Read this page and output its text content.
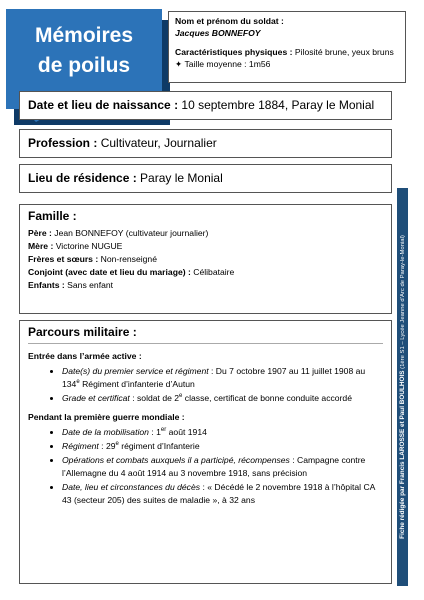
Mémoires
de poilus
Nom et prénom du soldat :
Jacques BONNEFOY
Caractéristiques physiques : Pilosité brune, yeux bruns
✦ Taille moyenne : 1m56
Date et lieu de naissance : 10 septembre 1884, Paray le Monial
Profession : Cultivateur, Journalier
Lieu de résidence : Paray le Monial
Famille :
Père : Jean BONNEFOY (cultivateur journalier)
Mère : Victorine NUGUE
Frères et sœurs : Non-renseigné
Conjoint (avec date et lieu du mariage) : Célibataire
Enfants : Sans enfant
Parcours militaire :
Entrée dans l’armée active :
• Date(s) du premier service et régiment : Du 7 octobre 1907 au 11 juillet 1908 au 134e Régiment d’infanterie d’Autun
• Grade et certificat : soldat de 2e classe, certificat de bonne conduite accordé
Pendant la première guerre mondiale :
• Date de la mobilisation : 1er août 1914
• Régiment : 29e régiment d’Infanterie
• Opérations et combats auxquels il a participé, récompenses : Campagne contre l’Allemagne du 4 août 1914 au 3 novembre 1918, sans précision
• Date, lieu et circonstances du décès : « Décédé le 2 novembre 1918 à l’hôpital CA 43 (secteur 205) des suites de maladie », à 32 ans	Fiche rédigée par Francis LAROSSE et Paul BOULHOIS (1ère S1 – Lycée Jeanne d’Arc de Paray-le-Monial)
